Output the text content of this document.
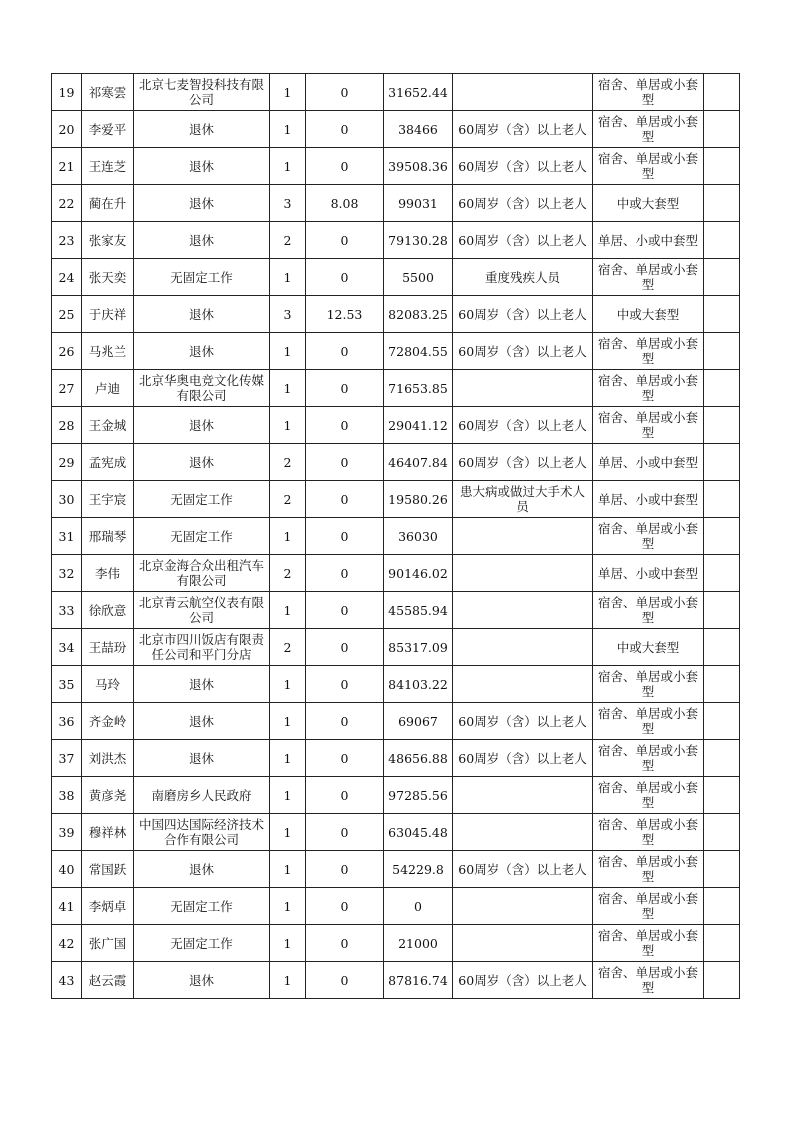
19	祁寒雲	北京七麦智投科技有限公司	1	0	31652.44		宿舍、单居或小套型	
20	李爱平	退休	1	0	38466	60周岁（含）以上老人	宿舍、单居或小套型	
21	王连芝	退休	1	0	39508.36	60周岁（含）以上老人	宿舍、单居或小套型	
22	蔺在升	退休	3	8.08	99031	60周岁（含）以上老人	中或大套型	
23	张家友	退休	2	0	79130.28	60周岁（含）以上老人	单居、小或中套型	
24	张天奕	无固定工作	1	0	5500	重度残疾人员	宿舍、单居或小套型	
25	于庆祥	退休	3	12.53	82083.25	60周岁（含）以上老人	中或大套型	
26	马兆兰	退休	1	0	72804.55	60周岁（含）以上老人	宿舍、单居或小套型	
27	卢迪	北京华奥电竞文化传媒有限公司	1	0	71653.85		宿舍、单居或小套型	
28	王金城	退休	1	0	29041.12	60周岁（含）以上老人	宿舍、单居或小套型	
29	孟宪成	退休	2	0	46407.84	60周岁（含）以上老人	单居、小或中套型	
30	王宇宸	无固定工作	2	0	19580.26	患大病或做过大手术人员	单居、小或中套型	
31	邢瑞琴	无固定工作	1	0	36030		宿舍、单居或小套型	
32	李伟	北京金海合众出租汽车有限公司	2	0	90146.02		单居、小或中套型	
33	徐欣意	北京青云航空仪表有限公司	1	0	45585.94		宿舍、单居或小套型	
34	王喆玢	北京市四川饭店有限责任公司和平门分店	2	0	85317.09		中或大套型	
35	马玲	退休	1	0	84103.22		宿舍、单居或小套型	
36	齐金岭	退休	1	0	69067	60周岁（含）以上老人	宿舍、单居或小套型	
37	刘洪杰	退休	1	0	48656.88	60周岁（含）以上老人	宿舍、单居或小套型	
38	黄彦尧	南磨房乡人民政府	1	0	97285.56		宿舍、单居或小套型	
39	穆祥林	中国四达国际经济技术合作有限公司	1	0	63045.48		宿舍、单居或小套型	
40	常国跃	退休	1	0	54229.8	60周岁（含）以上老人	宿舍、单居或小套型	
41	李炳卓	无固定工作	1	0	0		宿舍、单居或小套型	
42	张广国	无固定工作	1	0	21000		宿舍、单居或小套型	
43	赵云霞	退休	1	0	87816.74	60周岁（含）以上老人	宿舍、单居或小套型	
